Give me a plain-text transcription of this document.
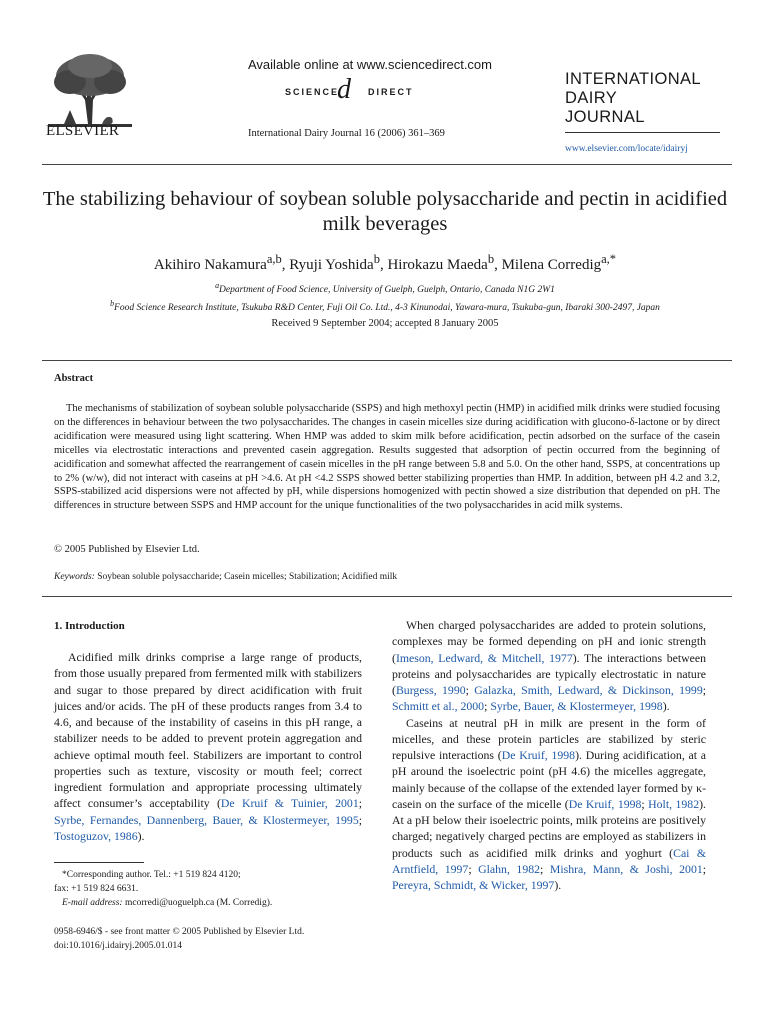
ELSEVIER
Available online at www.sciencedirect.com
SCIENCE
d DIRECT
International Dairy Journal 16 (2006) 361–369
INTERNATIONAL
DAIRY
JOURNAL
www.elsevier.com/locate/idairyj
The stabilizing behaviour of soybean soluble polysaccharide and pectin in acidified milk beverages
Akihiro Nakamura$^{a,b}$, Ryuji Yoshida$^b$, Hirokazu Maeda$^b$, Milena Corredig$^{a,*}$
$^a$Department of Food Science, University of Guelph, Guelph, Ontario, Canada N1G 2W1
$^b$Food Science Research Institute, Tsukuba R&D Center, Fuji Oil Co. Ltd., 4-3 Kinunodai, Yawara-mura, Tsukuba-gun, Ibaraki 300-2497, Japan
Received 9 September 2004; accepted 8 January 2005
Abstract

The mechanisms of stabilization of soybean soluble polysaccharide (SSPS) and high methoxyl pectin (HMP) in acidified milk drinks were studied focusing on the differences in behaviour between the two polysaccharides. The changes in casein micelles size during acidification with glucono-δ-lactone or by direct acidification were measured using light scattering. When HMP was added to skim milk before acidification, pectin adsorbed on the surface of the casein micelles via electrostatic interactions and prevented casein aggregation. Results suggested that adsorption of pectin occurred from the beginning of acidification and somewhat affected the rearrangement of casein micelles in the pH range between 5.8 and 5.0. On the other hand, SSPS, at concentrations up to 2% (w/w), did not interact with caseins at pH >4.6. At pH <4.2 SSPS showed better stabilizing properties than HMP. In addition, between pH 4.2 and 3.2, SSPS-stabilized acid dispersions were not affected by pH, while dispersions homogenized with pectin showed a size distribution that depended on pH. The differences in structure between SSPS and HMP account for the unique functionalities of the two polysaccharides in acid milk systems.

© 2005 Published by Elsevier Ltd.
Keywords: Soybean soluble polysaccharide; Casein micelles; Stabilization; Acidified milk
1. Introduction

Acidified milk drinks comprise a large range of products, from those usually prepared from fermented milk with stabilizers and sugar to those prepared by direct acidification with fruit juices and/or acids. The pH of these products ranges from 3.4 to 4.6, and because of the instability of caseins in this pH range, a stabilizer needs to be added to prevent protein aggregation and achieve optimal mouth feel. Stabilizers are important to control properties such as texture, viscosity or mouth feel; correct ingredient formulation and appropriate processing ultimately affect consumer’s acceptability (De Kruif & Tuinier, 2001; Syrbe, Fernandes, Dannenberg, Bauer, & Klostermeyer, 1995; Tostoguzov, 1986).

When charged polysaccharides are added to protein solutions, complexes may be formed depending on pH and ionic strength (Imeson, Ledward, & Mitchell, 1977). The interactions between proteins and polysaccharides are typically electrostatic in nature (Burgess, 1990; Galazka, Smith, Ledward, & Dickinson, 1999; Schmitt et al., 2000; Syrbe, Bauer, & Klostermeyer, 1998).

Caseins at neutral pH in milk are present in the form of micelles, and these protein particles are stabilized by steric repulsive interactions (De Kruif, 1998). During acidification, at a pH around the isoelectric point (pH 4.6) the micelles aggregate, mainly because of the collapse of the extended layer formed by κ-casein on the surface of the micelle (De Kruif, 1998; Holt, 1982). At a pH below their isoelectric points, milk proteins are positively charged; negatively charged pectins are employed as stabilizers in products such as acidified milk drinks and yoghurt (Cai & Arntfield, 1997; Glahn, 1982; Mishra, Mann, & Joshi, 2001; Pereyra, Schmidt, & Wicker, 1997).

*Corresponding author. Tel.: +1 519 824 4120;
fax: +1 519 824 6631.
E-mail address: mcorredi@uoguelph.ca (M. Corredig).
0958-6946/$ - see front matter © 2005 Published by Elsevier Ltd.
doi:10.1016/j.idairyj.2005.01.014
